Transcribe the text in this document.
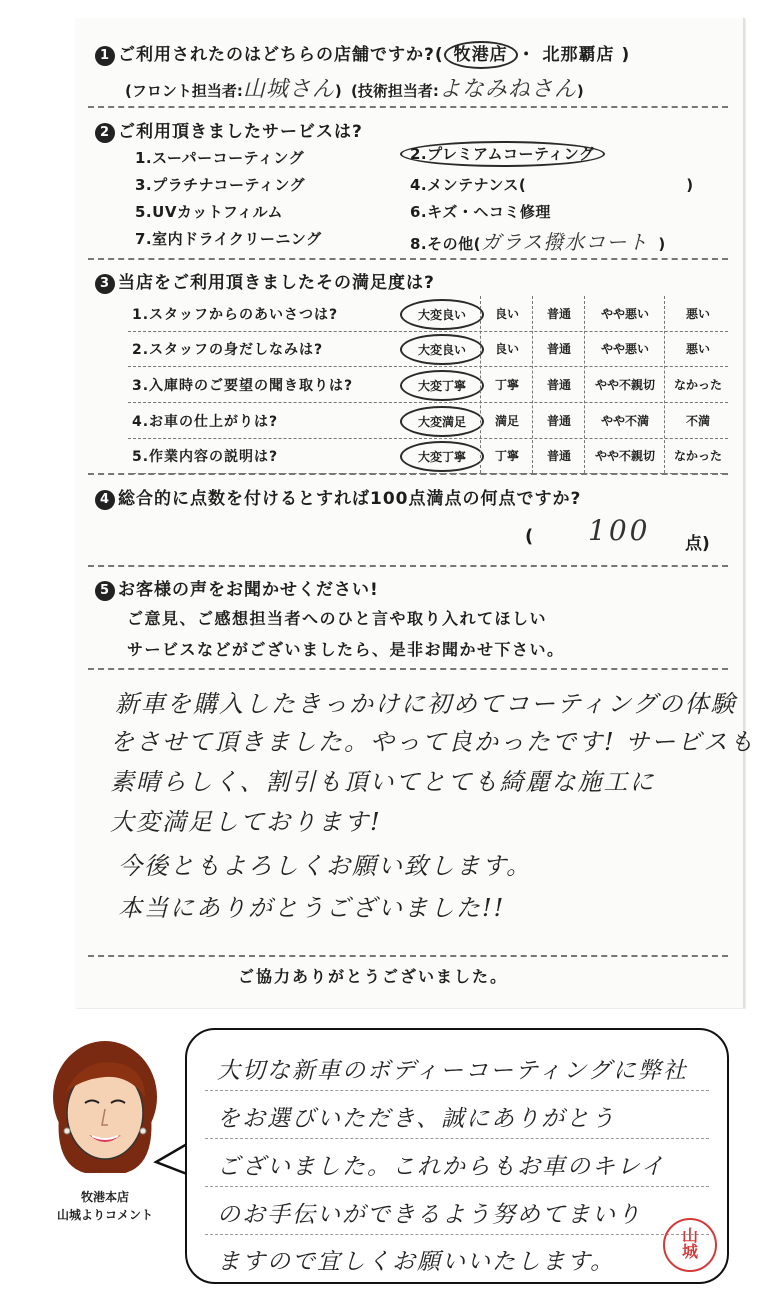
1 ご利用されたのはどちらの店舗ですか?( 牧港店 ・ 北那覇店 )
(フロント担当者:山城さん) (技術担当者:よなみねさん)
2 ご利用頂きましたサービスは?
1.スーパーコーティング	2.プレミアムコーティング
3.プラチナコーティング	4.メンテナンス(	)
5.UVカットフィルム	6.キズ・ヘコミ修理
7.室内ドライクリーニング	8.その他(ガラス撥水コート )
3 当店をご利用頂きましたその満足度は?
1.スタッフからのあいさつは?	大変良い	良い	普通	やや悪い	悪い
2.スタッフの身だしなみは?	大変良い	良い	普通	やや悪い	悪い
3.入庫時のご要望の聞き取りは?	大変丁寧	丁寧	普通	やや不親切	なかった
4.お車の仕上がりは?	大変満足	満足	普通	やや不満	不満
5.作業内容の説明は?	大変丁寧	丁寧	普通	やや不親切	なかった
4 総合的に点数を付けるとすれば100点満点の何点ですか?
( 100 点)
5 お客様の声をお聞かせください!
ご意見、ご感想担当者へのひと言や取り入れてほしい
サービスなどがございましたら、是非お聞かせ下さい。
新車を購入したきっかけに初めてコーティングの体験
をさせて頂きました。やって良かったです! サービスも
素晴らしく、割引も頂いてとても綺麗な施工に
大変満足しております!
今後ともよろしくお願い致します。
本当にありがとうございました!!
ご協力ありがとうございました。
牧港本店
山城よりコメント
大切な新車のボディーコーティングに弊社
をお選びいただき、誠にありがとう
ございました。これからもお車のキレイ
のお手伝いができるよう努めてまいり
ますので宜しくお願いいたします。
山城
